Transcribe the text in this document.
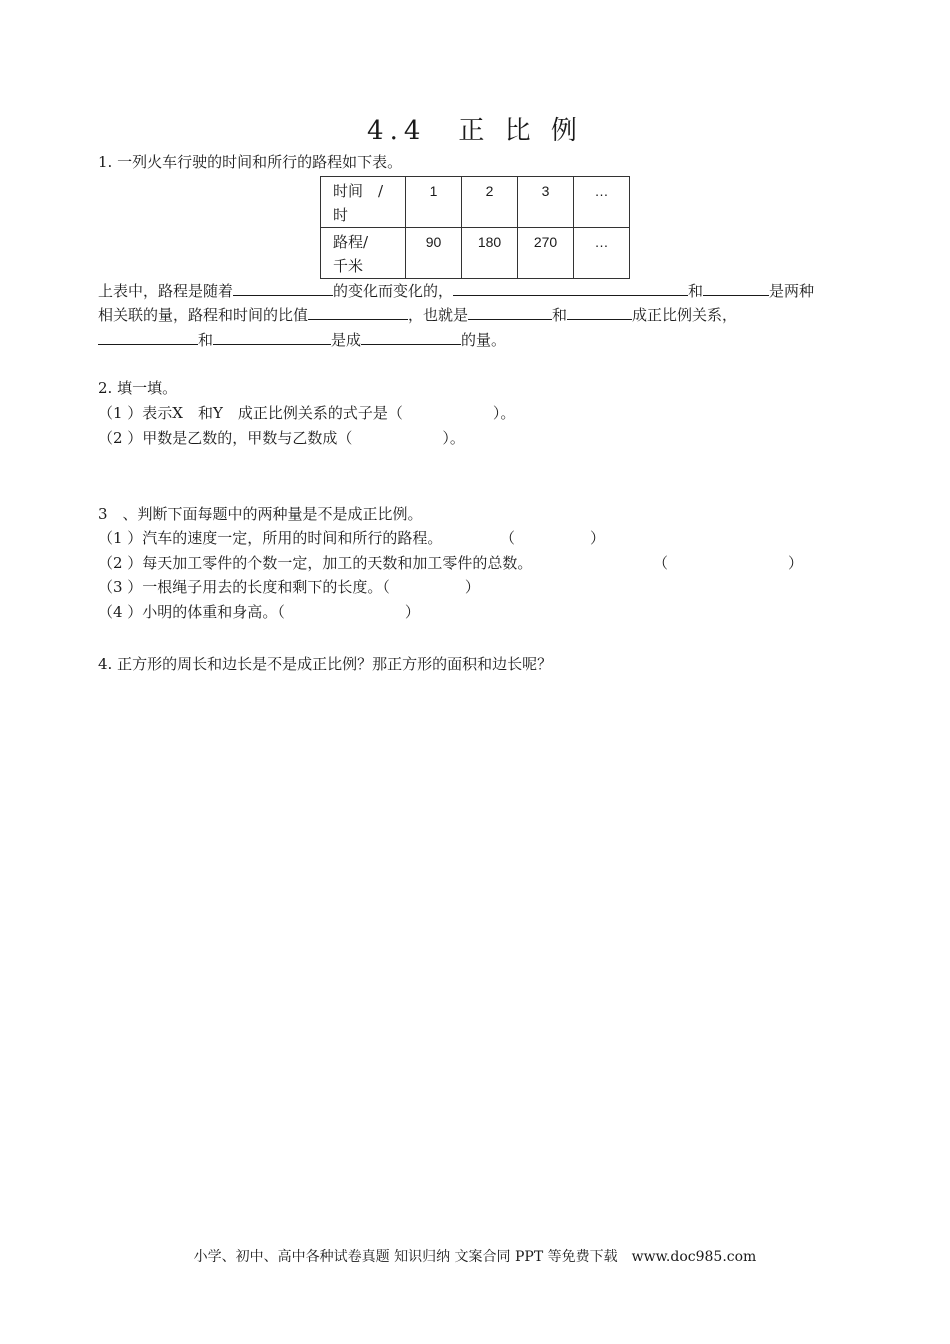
4.4　正 比 例
1. 一列火车行驶的时间和所行的路程如下表。
时间　/
时	1	2	3	…

路程/
千米	90	180	270	…
上表中，路程是随着	的变化而变化的，	和	是两种
相关联的量，路程和时间的比值	，也就是	和	成正比例关系，
和	是成	的量。
2. 填一填。
（1 ）表示X　和Y　成正比例关系的式子是（　　　　　　）。
（2 ）甲数是乙数的，甲数与乙数成（　　　　　　）。
3　、判断下面每题中的两种量是不是成正比例。
（1 ）汽车的速度一定，所用的时间和所行的路程。	（　　　　　）
（2 ）每天加工零件的个数一定，加工的天数和加工零件的总数。	（　　　　　　　　）
（3 ）一根绳子用去的长度和剩下的长度。（　　　　　）
（4 ）小明的体重和身高。（　　　　　　　　）
4. 正方形的周长和边长是不是成正比例？那正方形的面积和边长呢？
小学、初中、高中各种试卷真题 知识归纳 文案合同 PPT 等免费下载　www.doc985.com
